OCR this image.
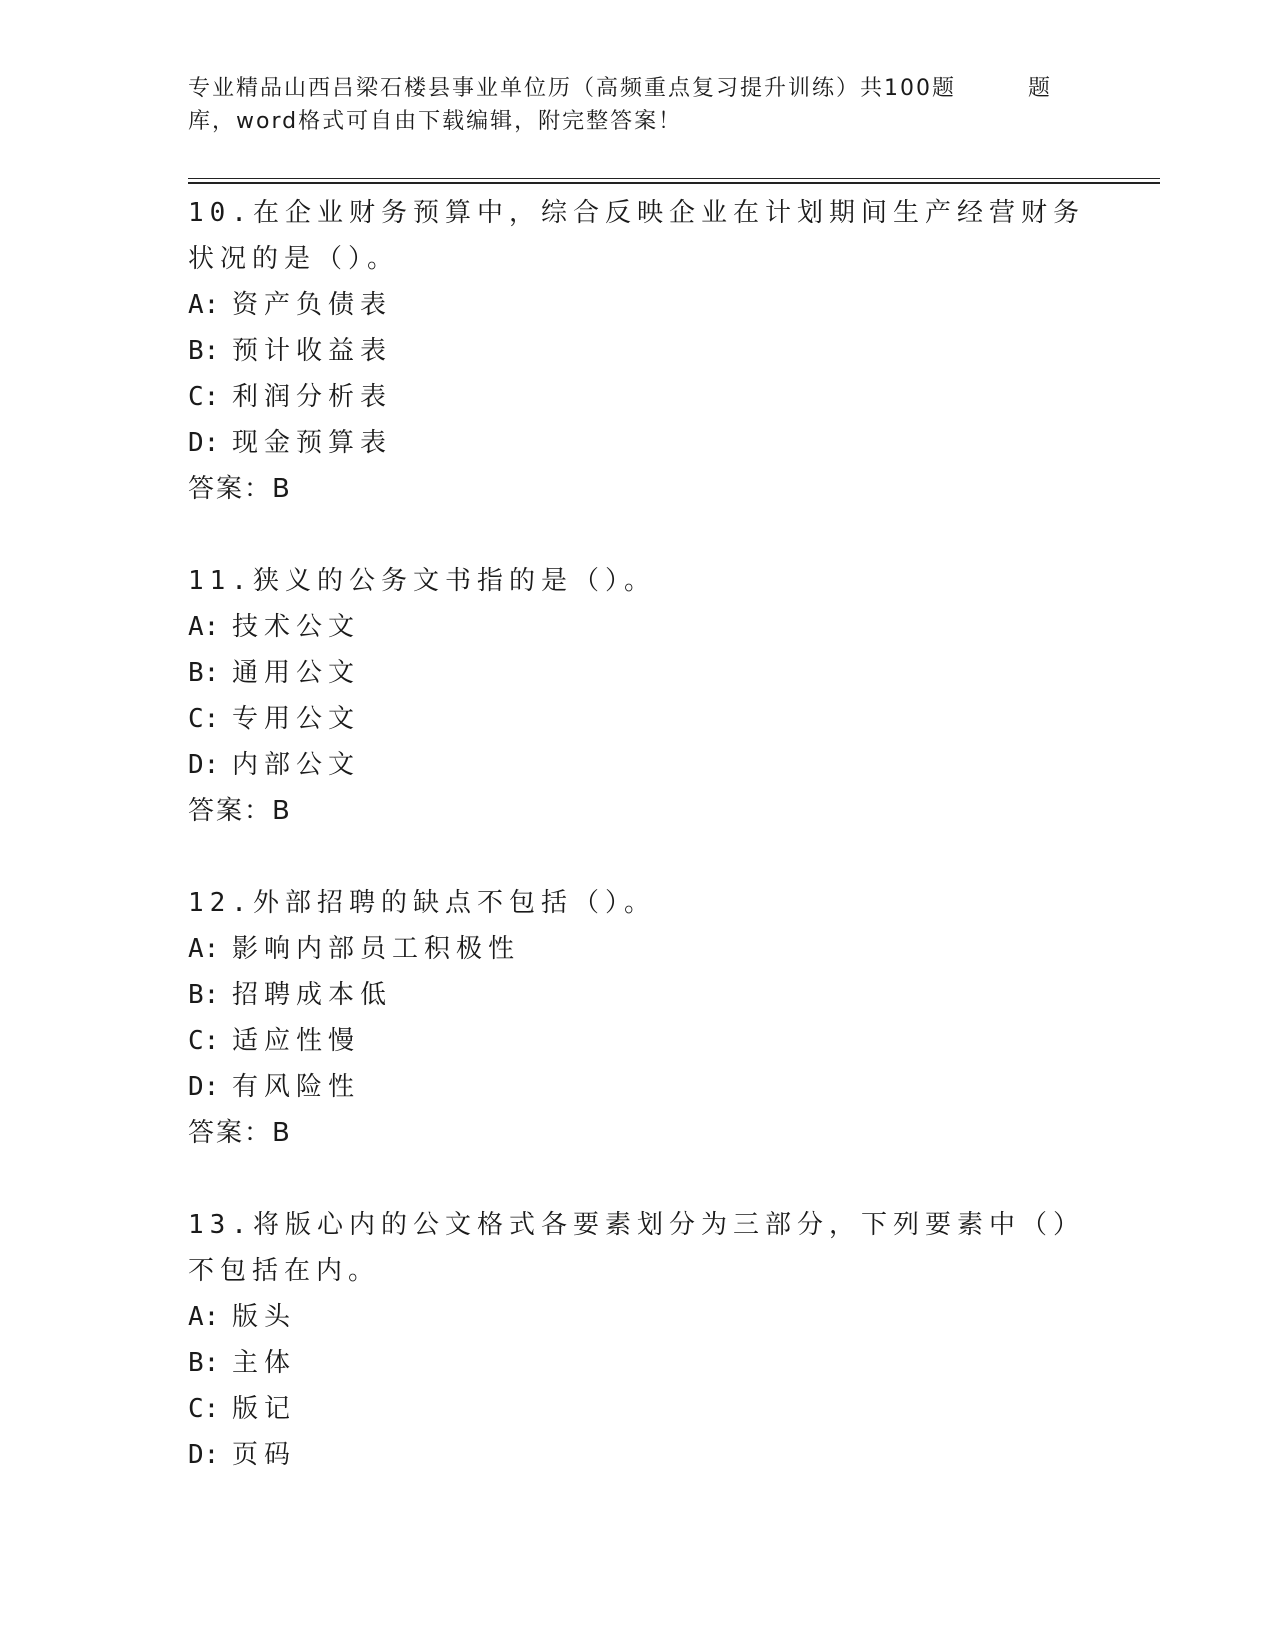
专业精品山西吕梁石楼县事业单位历（高频重点复习提升训练）共100题	题
库，word格式可自由下载编辑，附完整答案！
10.在企业财务预算中，综合反映企业在计划期间生产经营财务状况的是（）。
A: 资产负债表
B: 预计收益表
C: 利润分析表
D: 现金预算表
答案：B
11.狭义的公务文书指的是（）。
A: 技术公文
B: 通用公文
C: 专用公文
D: 内部公文
答案：B
12.外部招聘的缺点不包括（）。
A: 影响内部员工积极性
B: 招聘成本低
C: 适应性慢
D: 有风险性
答案：B
13.将版心内的公文格式各要素划分为三部分，下列要素中（）不包括在内。
A: 版头
B: 主体
C: 版记
D: 页码
